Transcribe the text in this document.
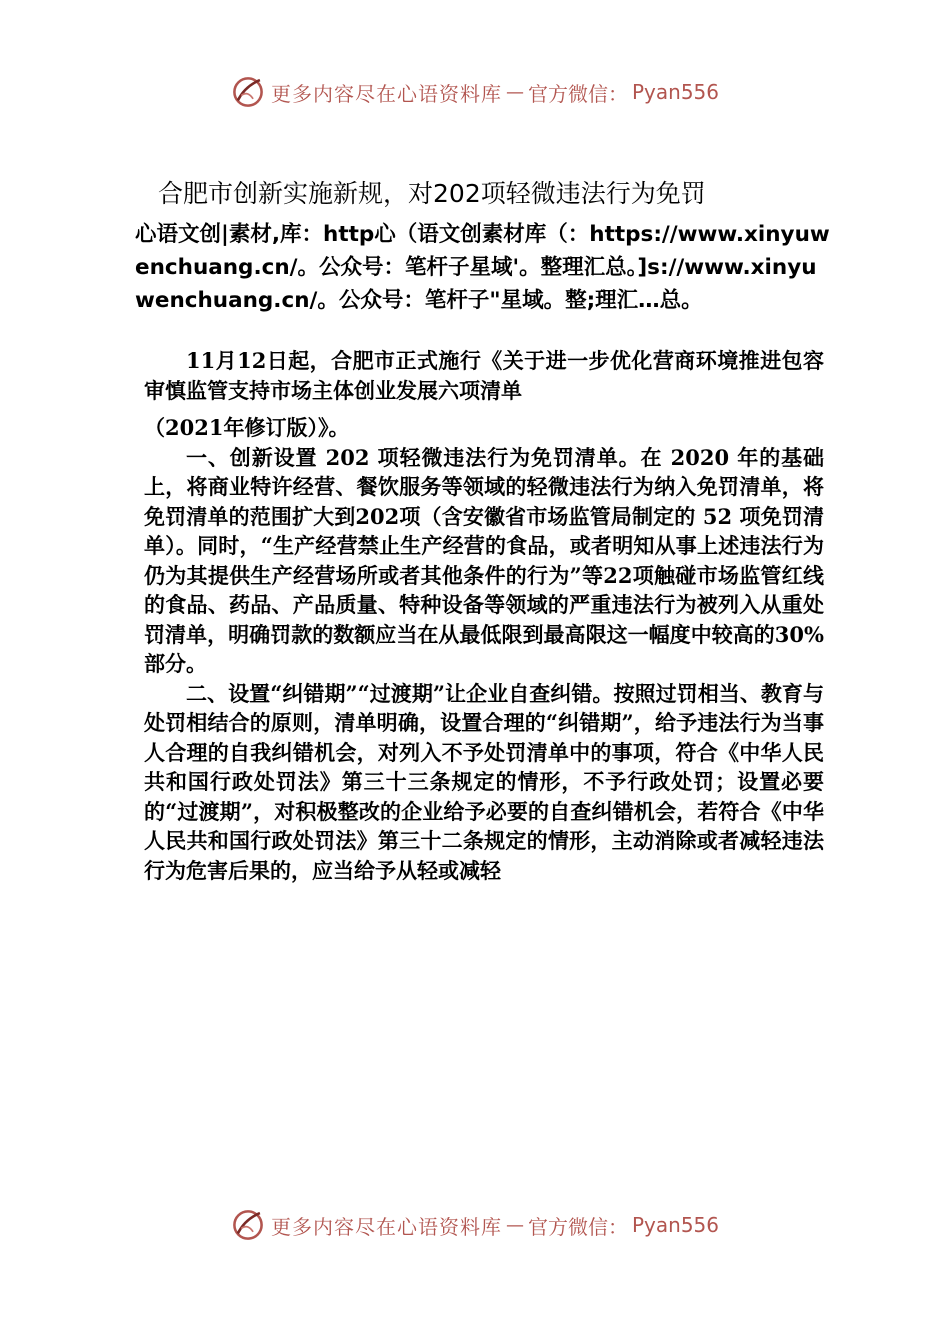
更多内容尽在心语资料库 — 官方微信： Pyan556
合肥市创新实施新规，对202项轻微违法行为免罚
心语文创|素材,库：http心（语文创素材库（：https://www.xinyuwenchuang.cn/。公众号：笔杆子星域'。整理汇总。]s://www.xinyuwenchuang.cn/。公众号：笔杆子"星域。整;理汇…总。

11月12日起，合肥市正式施行《关于进一步优化营商环境推进包容审慎监管支持市场主体创业发展六项清单

（2021年修订版）》。

一、创新设置 202 项轻微违法行为免罚清单。在 2020 年的基础上，将商业特许经营、餐饮服务等领域的轻微违法行为纳入免罚清单，将免罚清单的范围扩大到202项（含安徽省市场监管局制定的 52 项免罚清单）。同时，“生产经营禁止生产经营的食品，或者明知从事上述违法行为仍为其提供生产经营场所或者其他条件的行为”等22项触碰市场监管红线的食品、药品、产品质量、特种设备等领域的严重违法行为被列入从重处罚清单，明确罚款的数额应当在从最低限到最高限这一幅度中较高的30%部分。

二、设置“纠错期”“过渡期”让企业自查纠错。按照过罚相当、教育与处罚相结合的原则，清单明确，设置合理的“纠错期”，给予违法行为当事人合理的自我纠错机会，对列入不予处罚清单中的事项，符合《中华人民共和国行政处罚法》第三十三条规定的情形，不予行政处罚；设置必要的“过渡期”，对积极整改的企业给予必要的自查纠错机会，若符合《中华人民共和国行政处罚法》第三十二条规定的情形，主动消除或者减轻违法行为危害后果的，应当给予从轻或减轻

更多内容尽在心语资料库 — 官方微信： Pyan556
